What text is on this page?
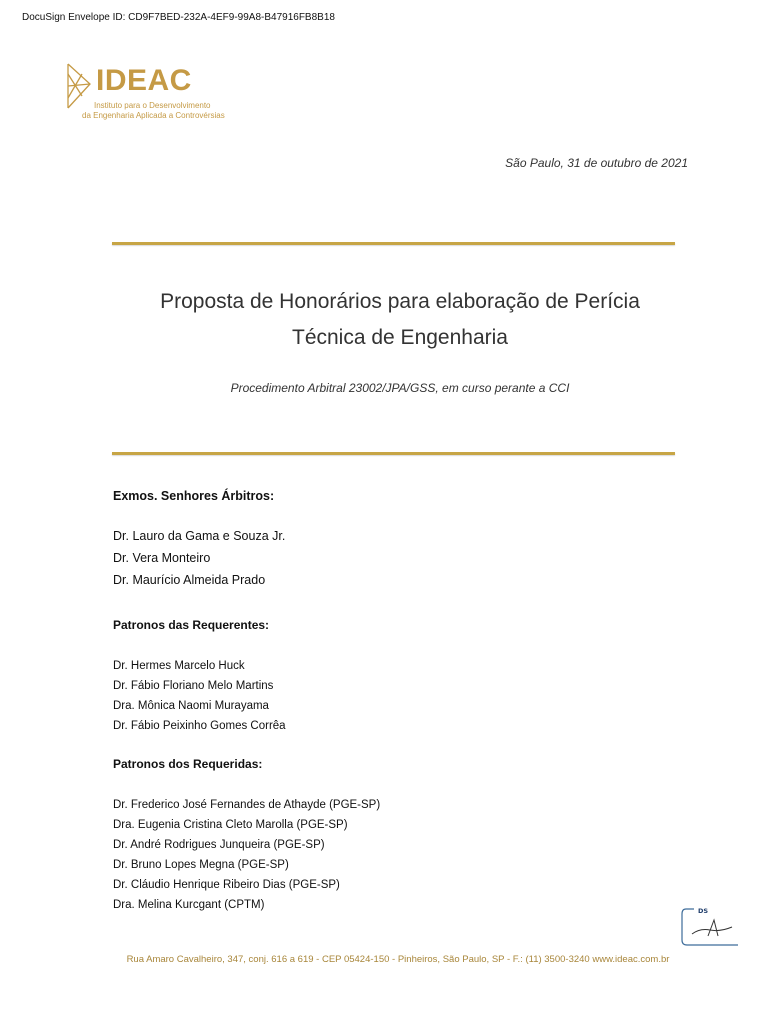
DocuSign Envelope ID: CD9F7BED-232A-4EF9-99A8-B47916FB8B18
IDEAC
Instituto para o Desenvolvimento
da Engenharia Aplicada a Controvérsias
São Paulo, 31 de outubro de 2021
Proposta de Honorários para elaboração de Perícia
Técnica de Engenharia
Procedimento Arbitral 23002/JPA/GSS, em curso perante a CCI
Exmos. Senhores Árbitros:
Dr. Lauro da Gama e Souza Jr.
Dr. Vera Monteiro
Dr. Maurício Almeida Prado
Patronos das Requerentes:
Dr. Hermes Marcelo Huck
Dr. Fábio Floriano Melo Martins
Dra. Mônica Naomi Murayama
Dr. Fábio Peixinho Gomes Corrêa
Patronos dos Requeridas:
Dr. Frederico José Fernandes de Athayde (PGE-SP)
Dra. Eugenia Cristina Cleto Marolla (PGE-SP)
Dr. André Rodrigues Junqueira (PGE-SP)
Dr. Bruno Lopes Megna (PGE-SP)
Dr. Cláudio Henrique Ribeiro Dias (PGE-SP)
Dra. Melina Kurcgant (CPTM)	DS
Rua Amaro Cavalheiro, 347, conj. 616 a 619 - CEP 05424-150 - Pinheiros, São Paulo, SP - F.: (11) 3500-3240 www.ideac.com.br
